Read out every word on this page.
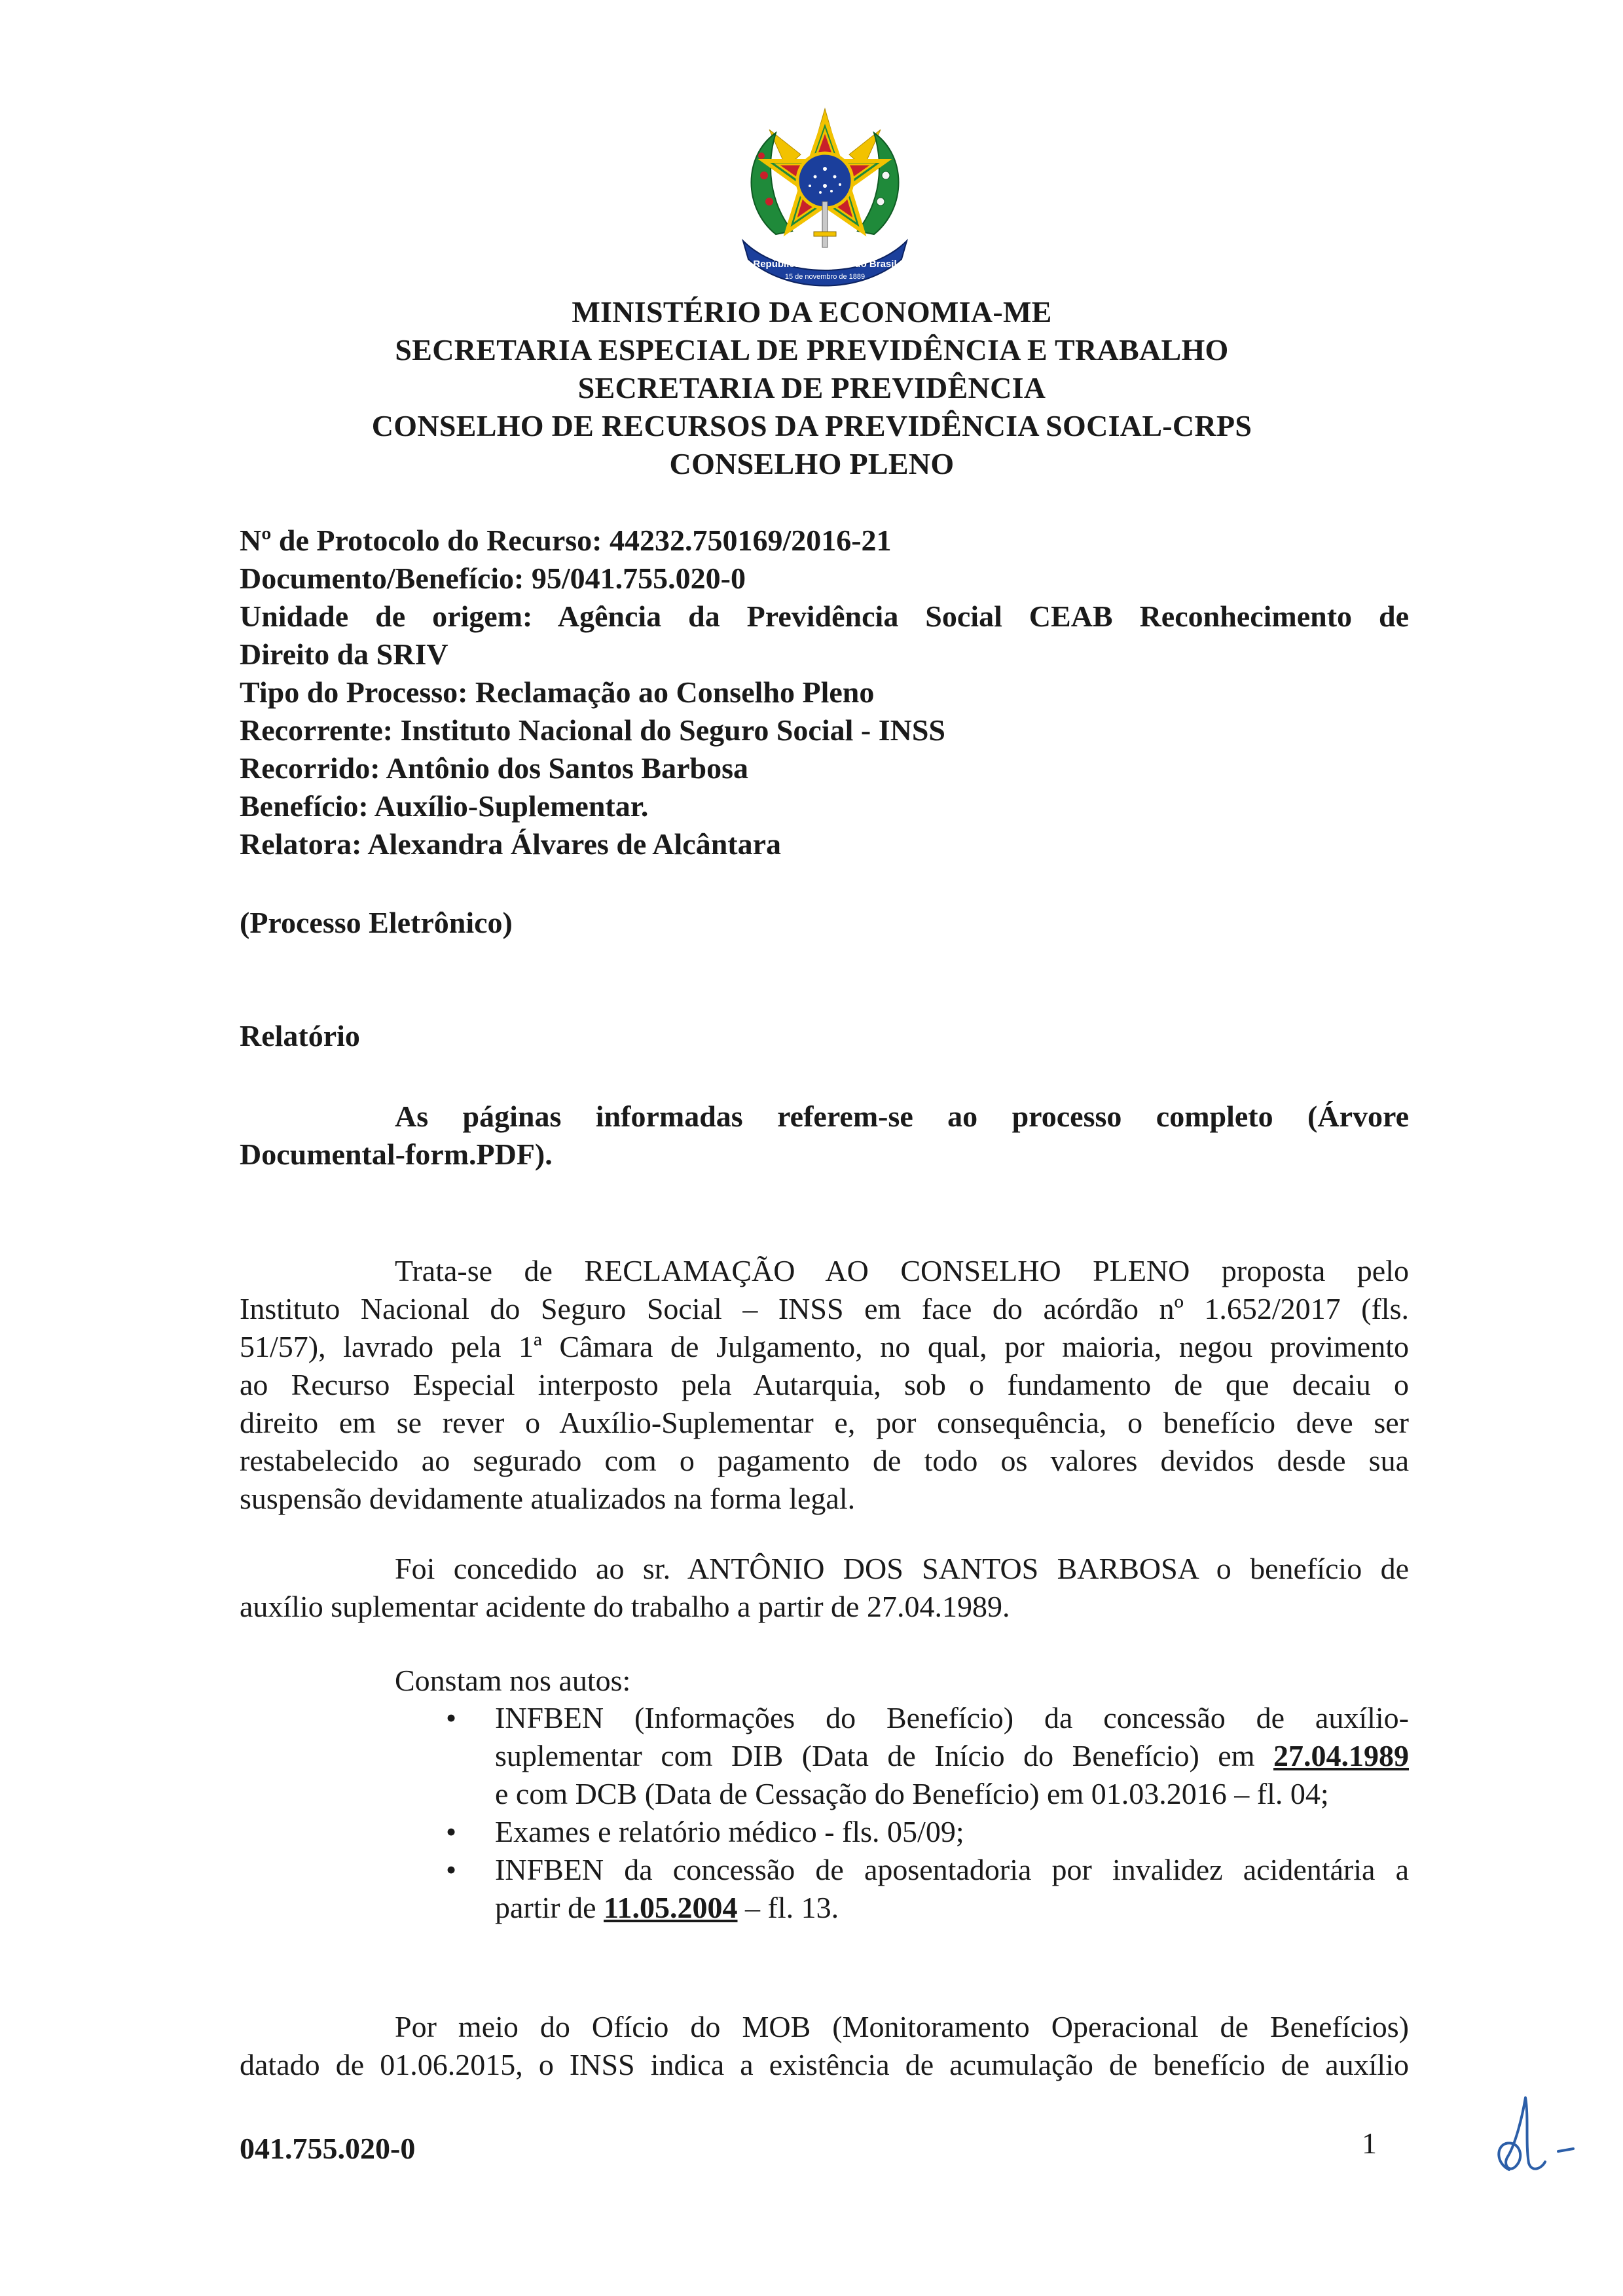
República Federativa do Brasil
15 de novembro de 1889
MINISTÉRIO DA ECONOMIA-ME
SECRETARIA ESPECIAL DE PREVIDÊNCIA E TRABALHO
SECRETARIA DE PREVIDÊNCIA
CONSELHO DE RECURSOS DA PREVIDÊNCIA SOCIAL-CRPS
CONSELHO PLENO

Nº de Protocolo do Recurso: 44232.750169/2016-21

Documento/Benefício: 95/041.755.020-0

Unidade de origem: Agência da Previdência Social CEAB Reconhecimento de

Direito da SRIV

Tipo do Processo: Reclamação ao Conselho Pleno

Recorrente: Instituto Nacional do Seguro Social - INSS

Recorrido: Antônio dos Santos Barbosa

Benefício: Auxílio-Suplementar.

Relatora: Alexandra Álvares de Alcântara

(Processo Eletrônico)
Relatório
As páginas informadas referem-se ao processo completo (Árvore
Documental-form.PDF).

Trata-se de RECLAMAÇÃO AO CONSELHO PLENO proposta pelo

Instituto Nacional do Seguro Social – INSS em face do acórdão nº 1.652/2017 (fls.

51/57), lavrado pela 1ª Câmara de Julgamento, no qual, por maioria, negou provimento

ao Recurso Especial interposto pela Autarquia, sob o fundamento de que decaiu o

direito em se rever o Auxílio-Suplementar e, por consequência, o benefício deve ser

restabelecido ao segurado com o pagamento de todo os valores devidos desde sua

suspensão devidamente atualizados na forma legal.

Foi concedido ao sr. ANTÔNIO DOS SANTOS BARBOSA o benefício de

auxílio suplementar acidente do trabalho a partir de 27.04.1989.

Constam nos autos:

• INFBEN (Informações do Benefício) da concessão de auxílio-
suplementar com DIB (Data de Início do Benefício) em 27.04.1989
e com DCB (Data de Cessação do Benefício) em 01.03.2016 – fl. 04;
• Exames e relatório médico - fls. 05/09;
• INFBEN da concessão de aposentadoria por invalidez acidentária a
partir de 11.05.2004 – fl. 13.

Por meio do Ofício do MOB (Monitoramento Operacional de Benefícios)

datado de 01.06.2015, o INSS indica a existência de acumulação de benefício de auxílio

041.755.020-0	1
